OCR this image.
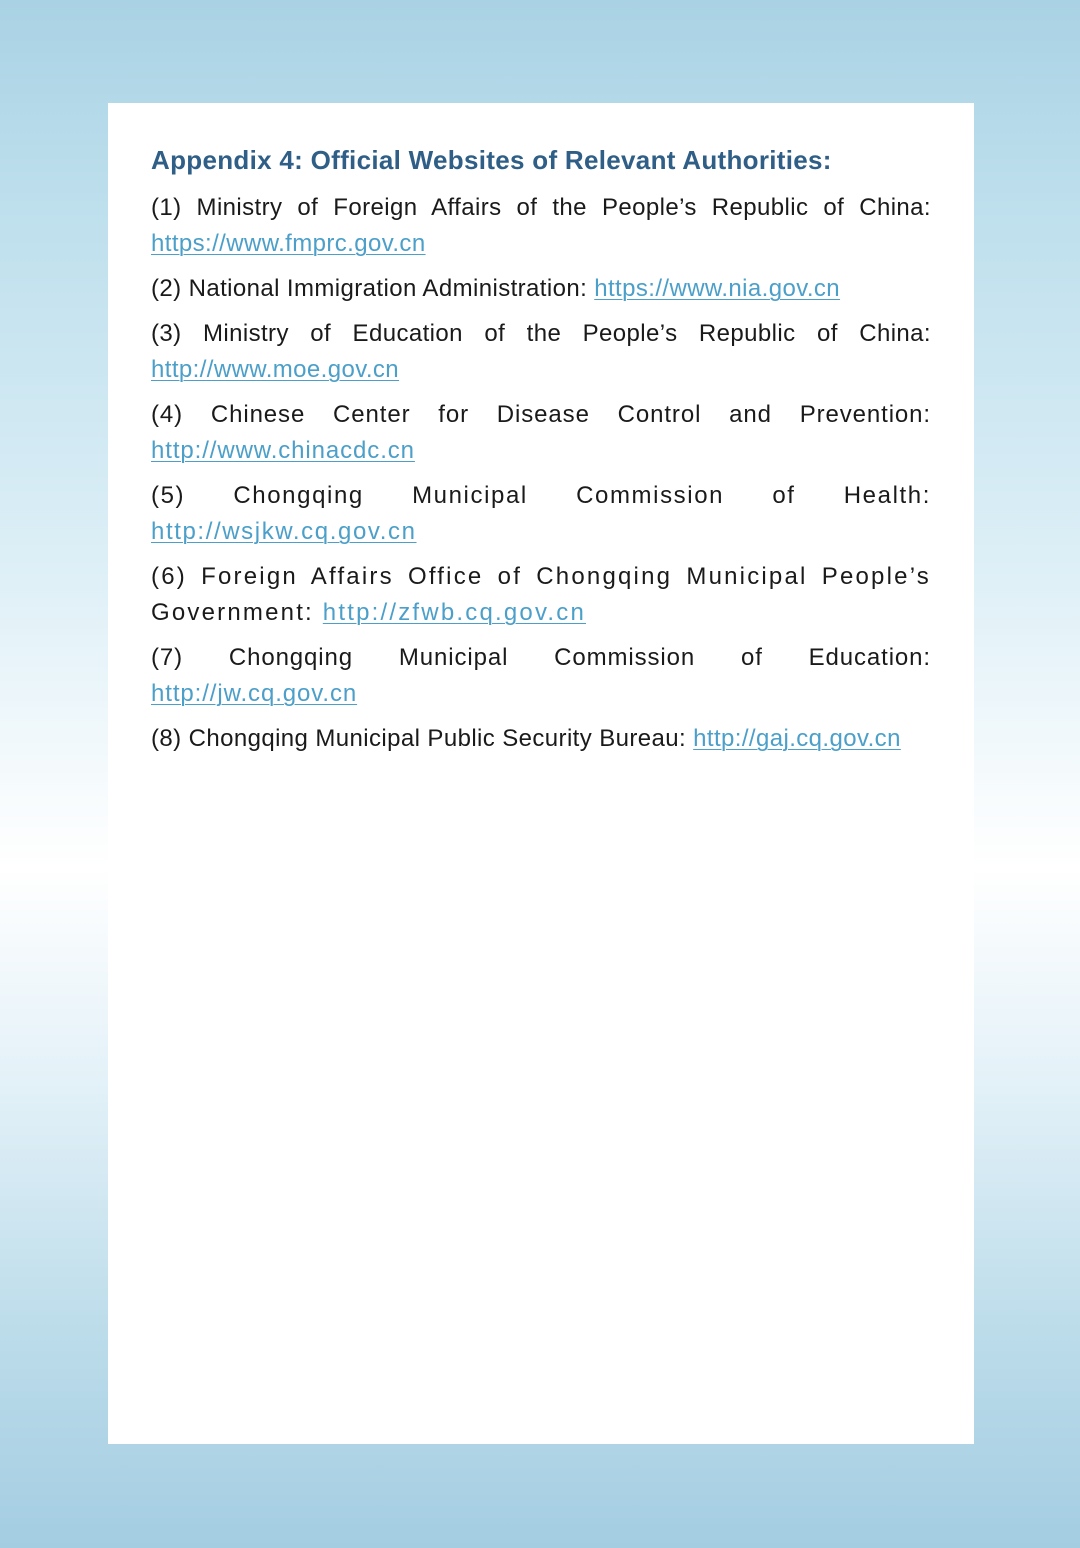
Appendix 4: Official Websites of Relevant Authorities:

(1) Ministry of Foreign Affairs of the People’s Republic of China: https://www.fmprc.gov.cn

(2) National Immigration Administration: https://www.nia.gov.cn

(3) Ministry of Education of the People’s Republic of China: http://www.moe.gov.cn

(4) Chinese Center for Disease Control and Prevention: http://www.chinacdc.cn

(5) Chongqing Municipal Commission of Health: http://wsjkw.cq.gov.cn

(6) Foreign Affairs Office of Chongqing Municipal People’s Government: http://zfwb.cq.gov.cn

(7) Chongqing Municipal Commission of Education: http://jw.cq.gov.cn

(8) Chongqing Municipal Public Security Bureau: http://gaj.cq.gov.cn
